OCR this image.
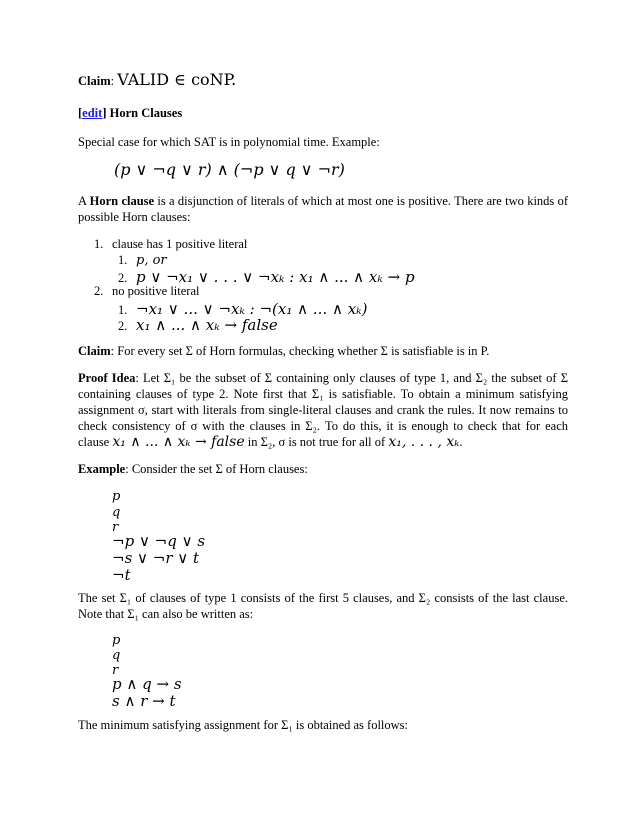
Claim: VALID ∈ coNP.
[edit] Horn Clauses
Special case for which SAT is in polynomial time. Example:
(p ∨ ¬q ∨ r) ∧ (¬p ∨ q ∨ ¬r)
A Horn clause is a disjunction of literals of which at most one is positive. There are two kinds of possible Horn clauses:
1. clause has 1 positive literal
1. p, or
2. p ∨ ¬x₁ ∨ . . . ∨ ¬xₖ : x₁ ∧ ... ∧ xₖ → p
2. no positive literal
1. ¬x₁ ∨ ... ∨ ¬xₖ : ¬(x₁ ∧ ... ∧ xₖ)
2. x₁ ∧ ... ∧ xₖ → false
Claim: For every set Σ of Horn formulas, checking whether Σ is satisfiable is in P.
Proof Idea: Let Σ₁ be the subset of Σ containing only clauses of type 1, and Σ₂ the subset of Σ containing clauses of type 2. Note first that Σ₁ is satisfiable. To obtain a minimum satisfying assignment σ, start with literals from single-literal clauses and crank the rules. It now remains to check consistency of σ with the clauses in Σ₂. To do this, it is enough to check that for each clause x₁ ∧ ... ∧ xₖ → false in Σ₂, σ is not true for all of x₁, . . . , xₖ.
Example: Consider the set Σ of Horn clauses:
p
q
r
¬p ∨ ¬q ∨ s
¬s ∨ ¬r ∨ t
¬t
The set Σ₁ of clauses of type 1 consists of the first 5 clauses, and Σ₂ consists of the last clause. Note that Σ₁ can also be written as:
p
q
r
p ∧ q → s
s ∧ r → t
The minimum satisfying assignment for Σ₁ is obtained as follows:
